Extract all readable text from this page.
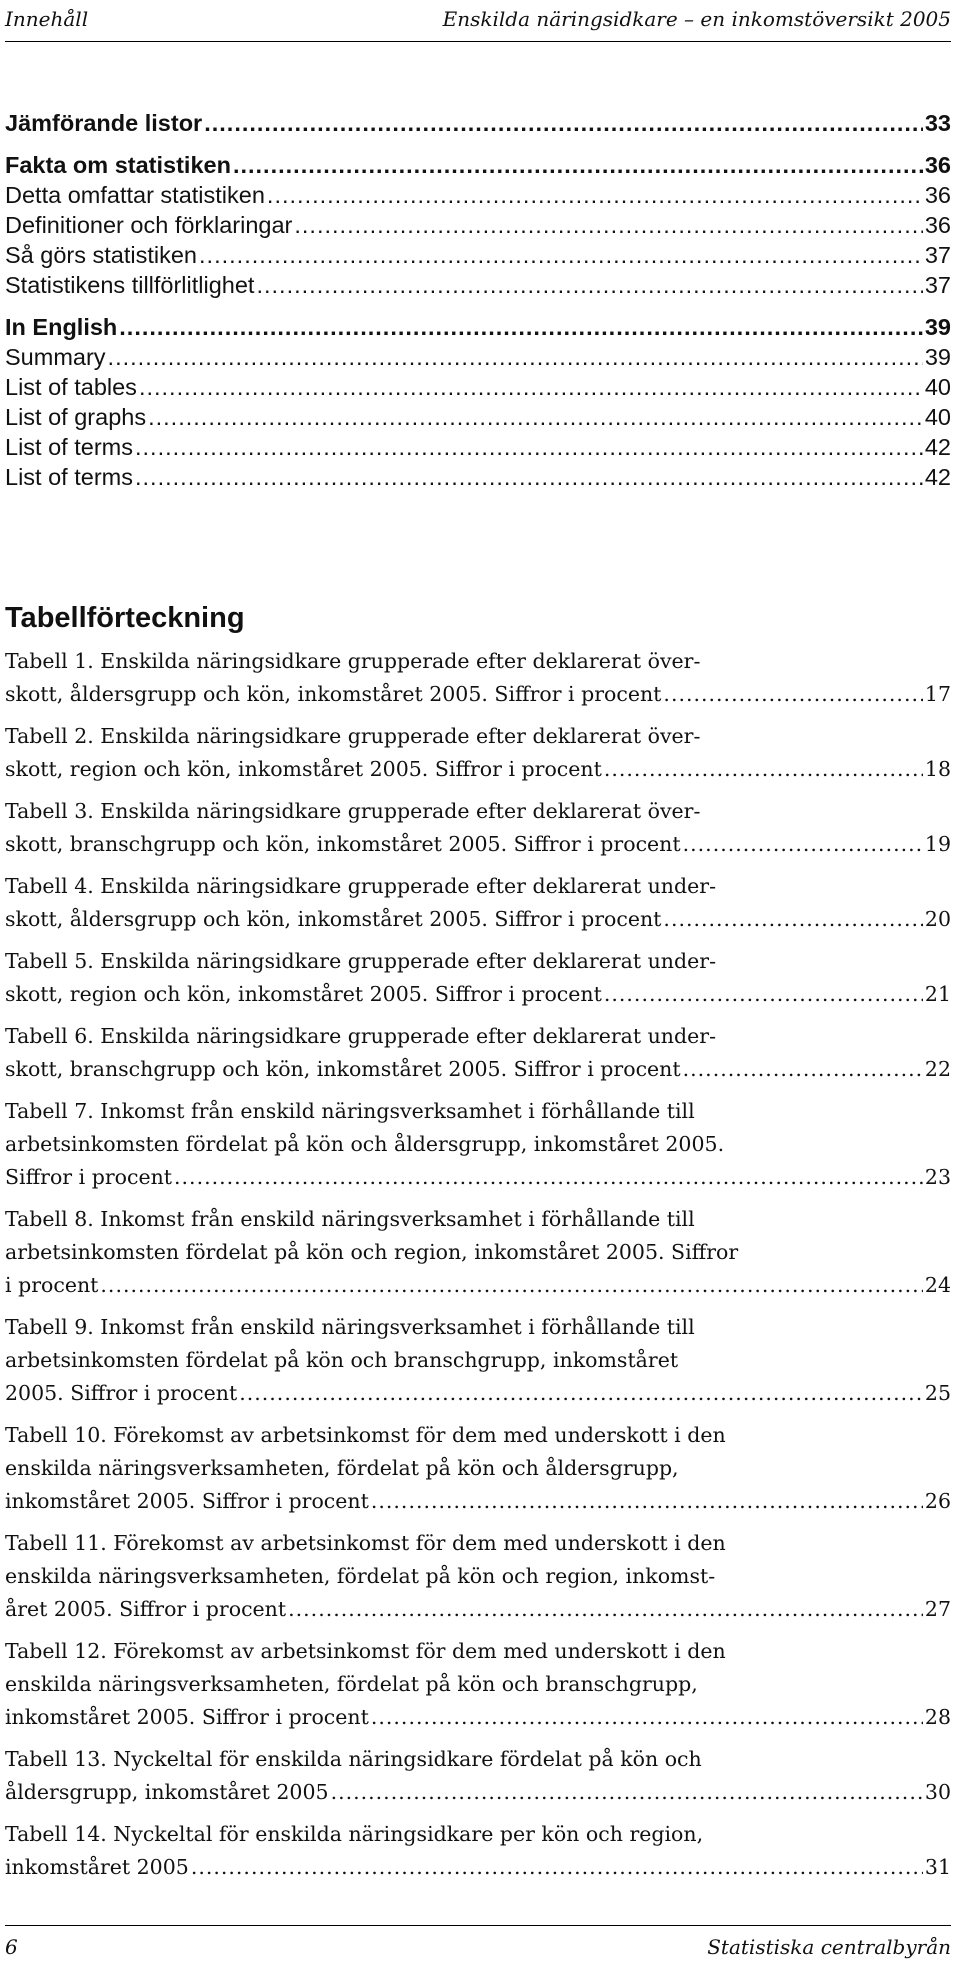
Innehåll	Enskilda näringsidkare – en inkomstöversikt 2005
Jämförande listor .....	33
Fakta om statistiken .....	36
Detta omfattar statistiken .....	36
Definitioner och förklaringar .....	36
Så görs statistiken .....	37
Statistikens tillförlitlighet .....	37
In English .....	39
Summary .....	39
List of tables .....	40
List of graphs .....	40
List of terms .....	42
List of terms .....	42
Tabellförteckning
Tabell 1. Enskilda näringsidkare grupperade efter deklarerat över-
skott, åldersgrupp och kön, inkomståret 2005. Siffror i procent .....	17
Tabell 2. Enskilda näringsidkare grupperade efter deklarerat över-
skott, region och kön, inkomståret 2005. Siffror i procent .....	18
Tabell 3. Enskilda näringsidkare grupperade efter deklarerat över-
skott, branschgrupp och kön, inkomståret 2005. Siffror i procent .....	19
Tabell 4. Enskilda näringsidkare grupperade efter deklarerat under-
skott, åldersgrupp och kön, inkomståret 2005. Siffror i procent .....	20
Tabell 5. Enskilda näringsidkare grupperade efter deklarerat under-
skott, region och kön, inkomståret 2005. Siffror i procent .....	21
Tabell 6. Enskilda näringsidkare grupperade efter deklarerat under-
skott, branschgrupp och kön, inkomståret 2005. Siffror i procent .....	22
Tabell 7. Inkomst från enskild näringsverksamhet i förhållande till
arbetsinkomsten fördelat på kön och åldersgrupp, inkomståret 2005.
Siffror i procent .....	23
Tabell 8. Inkomst från enskild näringsverksamhet i förhållande till
arbetsinkomsten fördelat på kön och region, inkomståret 2005. Siffror
i procent .....	24
Tabell 9. Inkomst från enskild näringsverksamhet i förhållande till
arbetsinkomsten fördelat på kön och branschgrupp, inkomståret
2005. Siffror i procent .....	25
Tabell 10. Förekomst av arbetsinkomst för dem med underskott i den
enskilda näringsverksamheten, fördelat på kön och åldersgrupp,
inkomståret 2005. Siffror i procent .....	26
Tabell 11. Förekomst av arbetsinkomst för dem med underskott i den
enskilda näringsverksamheten, fördelat på kön och region, inkomst-
året 2005. Siffror i procent .....	27
Tabell 12. Förekomst av arbetsinkomst för dem med underskott i den
enskilda näringsverksamheten, fördelat på kön och branschgrupp,
inkomståret 2005. Siffror i procent .....	28
Tabell 13. Nyckeltal för enskilda näringsidkare fördelat på kön och
åldersgrupp, inkomståret 2005 .....	30
Tabell 14. Nyckeltal för enskilda näringsidkare per kön och region,
inkomståret 2005 .....	31
6	Statistiska centralbyrån
